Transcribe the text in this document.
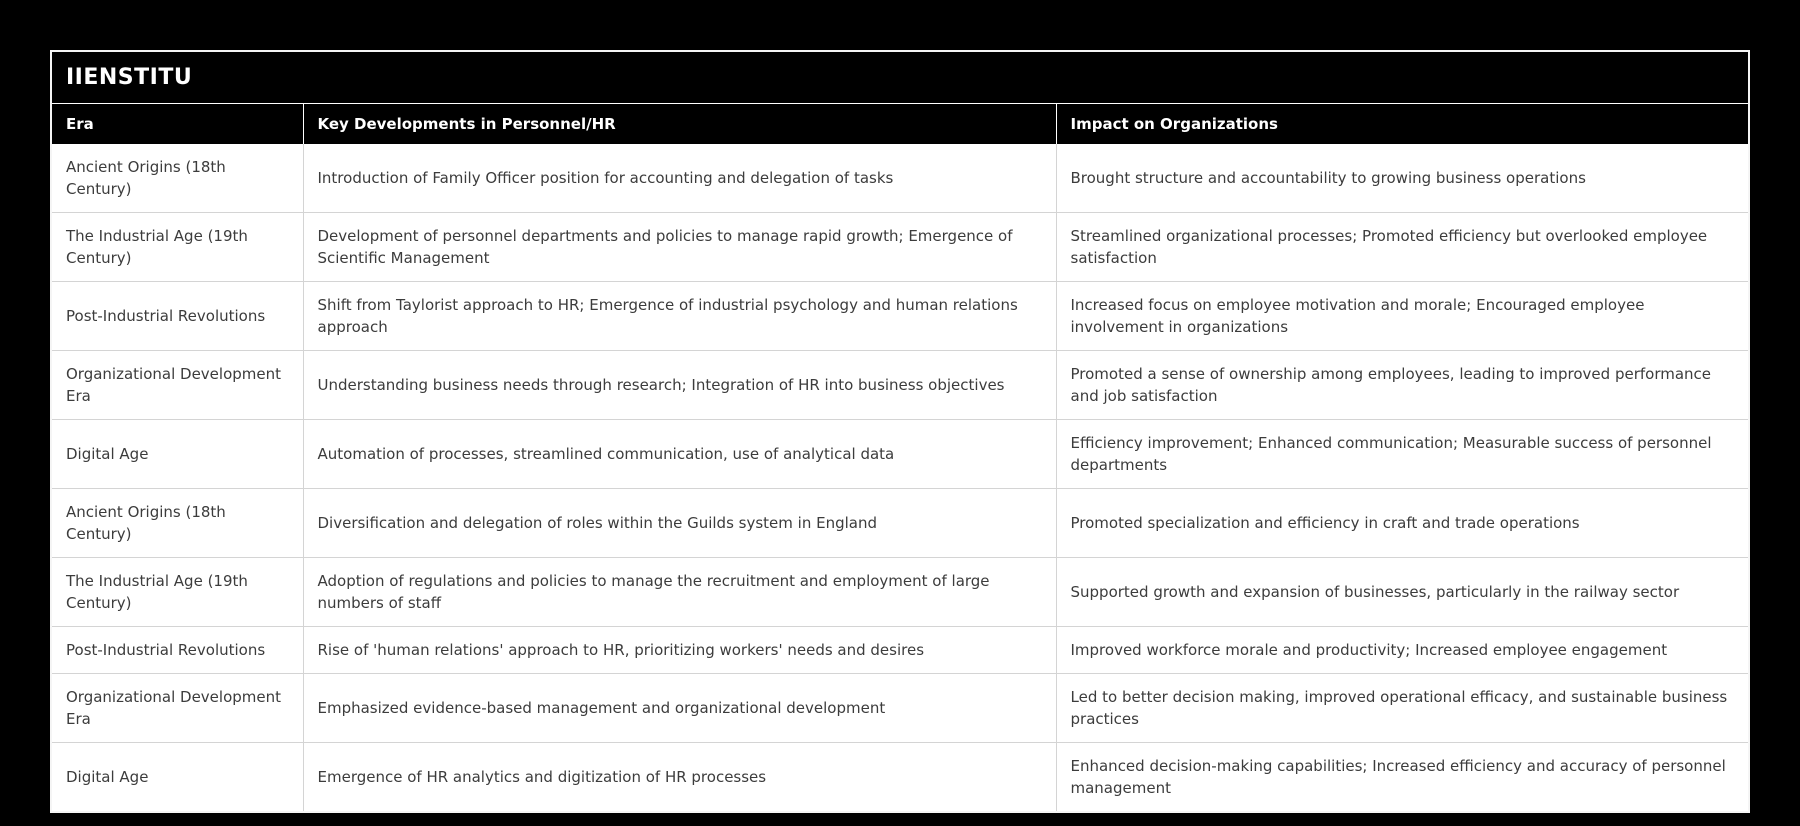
IIENSTITU
Era	Key Developments in Personnel/HR	Impact on Organizations
Ancient Origins (18th Century)	Introduction of Family Officer position for accounting and delegation of tasks	Brought structure and accountability to growing business operations
The Industrial Age (19th Century)	Development of personnel departments and policies to manage rapid growth; Emergence of Scientific Management	Streamlined organizational processes; Promoted efficiency but overlooked employee satisfaction
Post-Industrial Revolutions	Shift from Taylorist approach to HR; Emergence of industrial psychology and human relations approach	Increased focus on employee motivation and morale; Encouraged employee involvement in organizations
Organizational Development Era	Understanding business needs through research; Integration of HR into business objectives	Promoted a sense of ownership among employees, leading to improved performance and job satisfaction
Digital Age	Automation of processes, streamlined communication, use of analytical data	Efficiency improvement; Enhanced communication; Measurable success of personnel departments
Ancient Origins (18th Century)	Diversification and delegation of roles within the Guilds system in England	Promoted specialization and efficiency in craft and trade operations
The Industrial Age (19th Century)	Adoption of regulations and policies to manage the recruitment and employment of large numbers of staff	Supported growth and expansion of businesses, particularly in the railway sector
Post-Industrial Revolutions	Rise of 'human relations' approach to HR, prioritizing workers' needs and desires	Improved workforce morale and productivity; Increased employee engagement
Organizational Development Era	Emphasized evidence-based management and organizational development	Led to better decision making, improved operational efficacy, and sustainable business practices
Digital Age	Emergence of HR analytics and digitization of HR processes	Enhanced decision-making capabilities; Increased efficiency and accuracy of personnel management
